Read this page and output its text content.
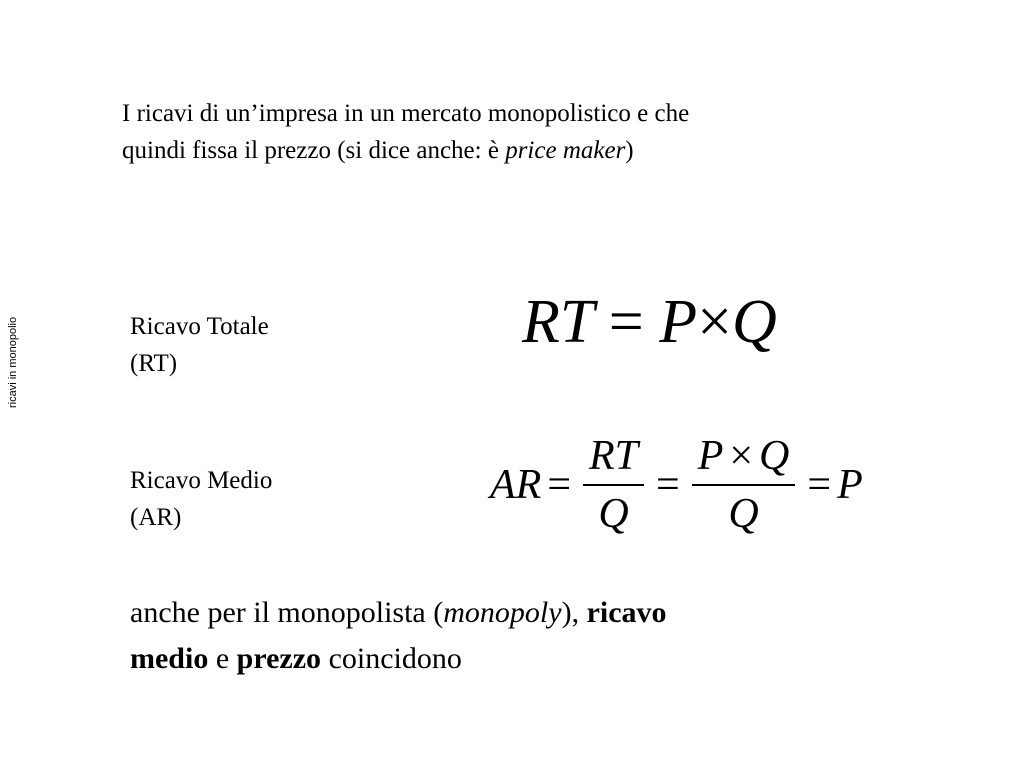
ricavi in monopolio
I ricavi di un’impresa in un mercato monopolistico e che
quindi fissa il prezzo (si dice anche: è price maker)
Ricavo Totale
(RT)
RT = P×Q
Ricavo Medio
(AR)
AR = $\frac{RT}{Q} = \frac{P \times Q}{Q} = P$
anche per il monopolista (monopoly), ricavo
medio e prezzo coincidono
